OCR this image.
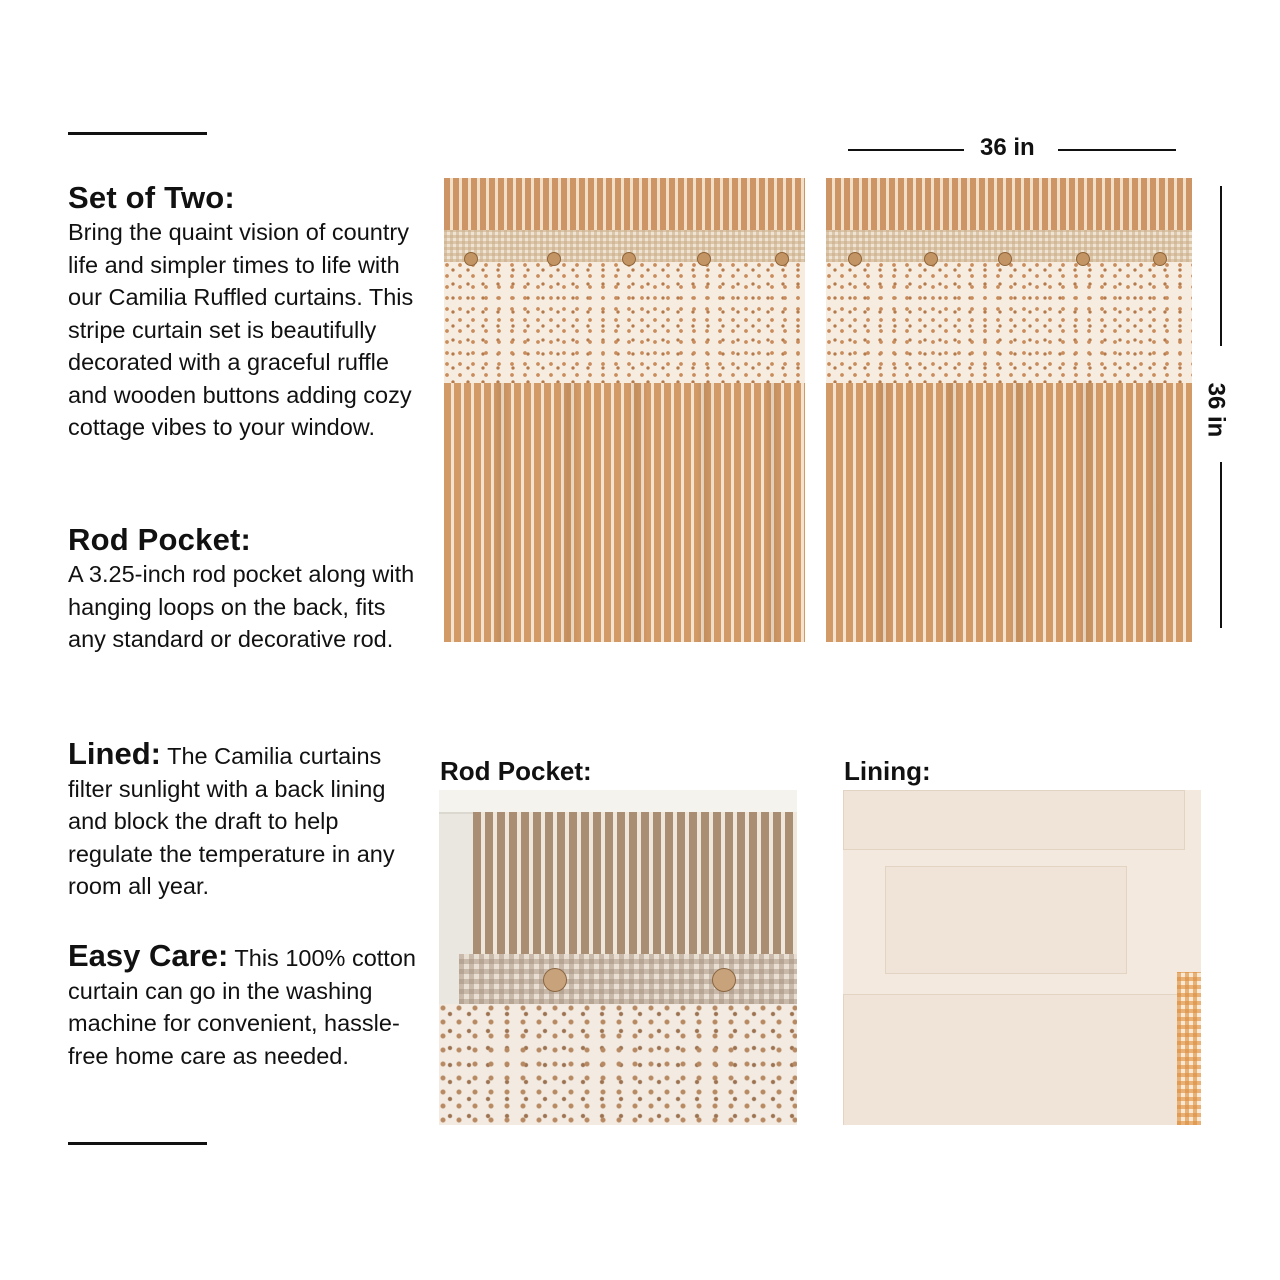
Set of Two:
Bring the quaint vision of country life and simpler times to life with our Camilia Ruffled curtains. This stripe curtain set is beautifully decorated with a graceful ruffle and wooden buttons adding cozy cottage vibes to your window.
Rod Pocket:
A 3.25-inch rod pocket along with hanging loops on the back, fits any standard or decorative rod.
Lined: The Camilia curtains filter sunlight with a back lining and block the draft to help regulate the temperature in any room all year.
Easy Care: This 100% cotton curtain can go in the washing machine for convenient, hassle-free home care as needed.
36 in
36 in
Rod Pocket:	Lining:
